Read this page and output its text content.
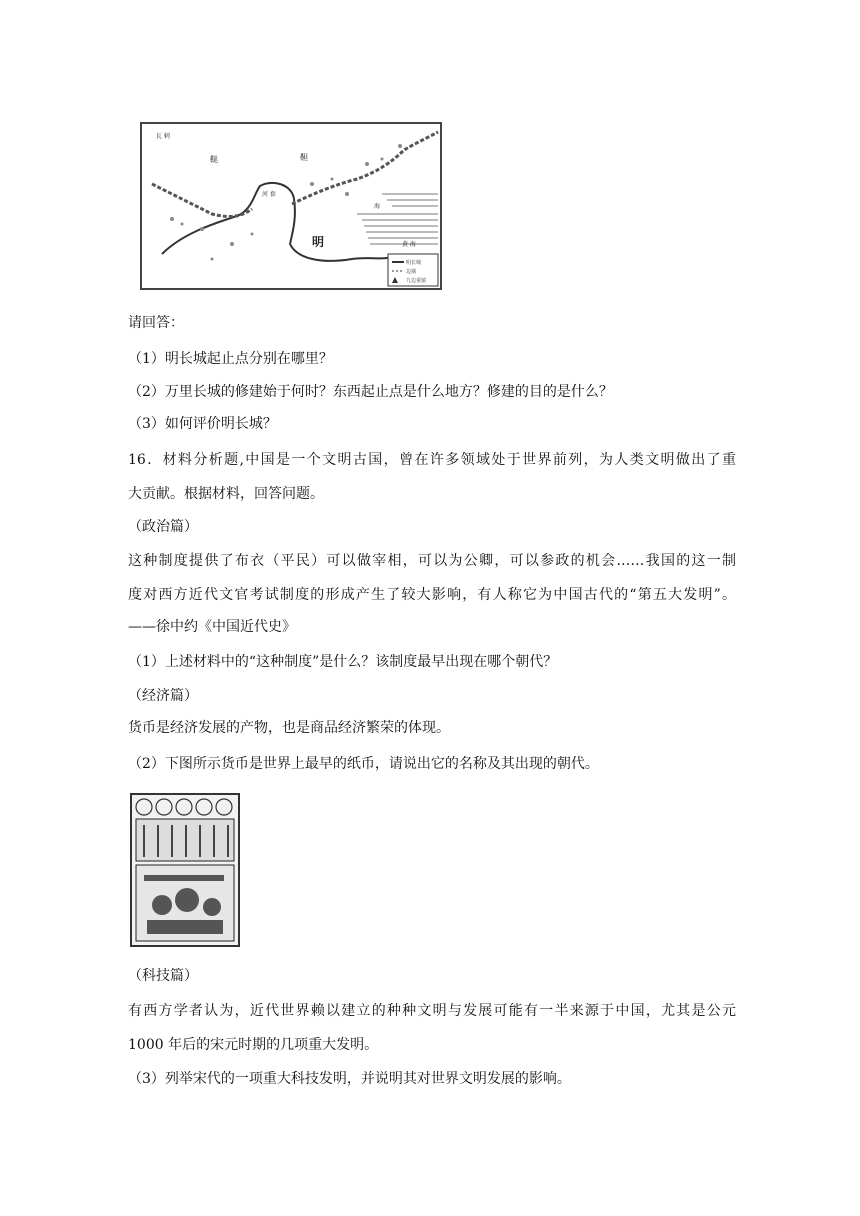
明长城
边墙
九边重镇
瓦 剌
鞑	靼
河 套
明	黄 海
海
请回答：
（1）明长城起止点分别在哪里？
（2）万里长城的修建始于何时？东西起止点是什么地方？修建的目的是什么？
（3）如何评价明长城？
16．材料分析题,中国是一个文明古国，曾在许多领域处于世界前列，为人类文明做出了重
大贡献。根据材料，回答问题。
（政治篇）
这种制度提供了布衣（平民）可以做宰相，可以为公卿，可以参政的机会……我国的这一制
度对西方近代文官考试制度的形成产生了较大影响，有人称它为中国古代的“第五大发明”。
——徐中约《中国近代史》
（1）上述材料中的“这种制度”是什么？该制度最早出现在哪个朝代？
（经济篇）
货币是经济发展的产物，也是商品经济繁荣的体现。
（2）下图所示货币是世界上最早的纸币，请说出它的名称及其出现的朝代。
（科技篇）
有西方学者认为，近代世界赖以建立的种种文明与发展可能有一半来源于中国，尤其是公元
1000 年后的宋元时期的几项重大发明。
（3）列举宋代的一项重大科技发明，并说明其对世界文明发展的影响。
